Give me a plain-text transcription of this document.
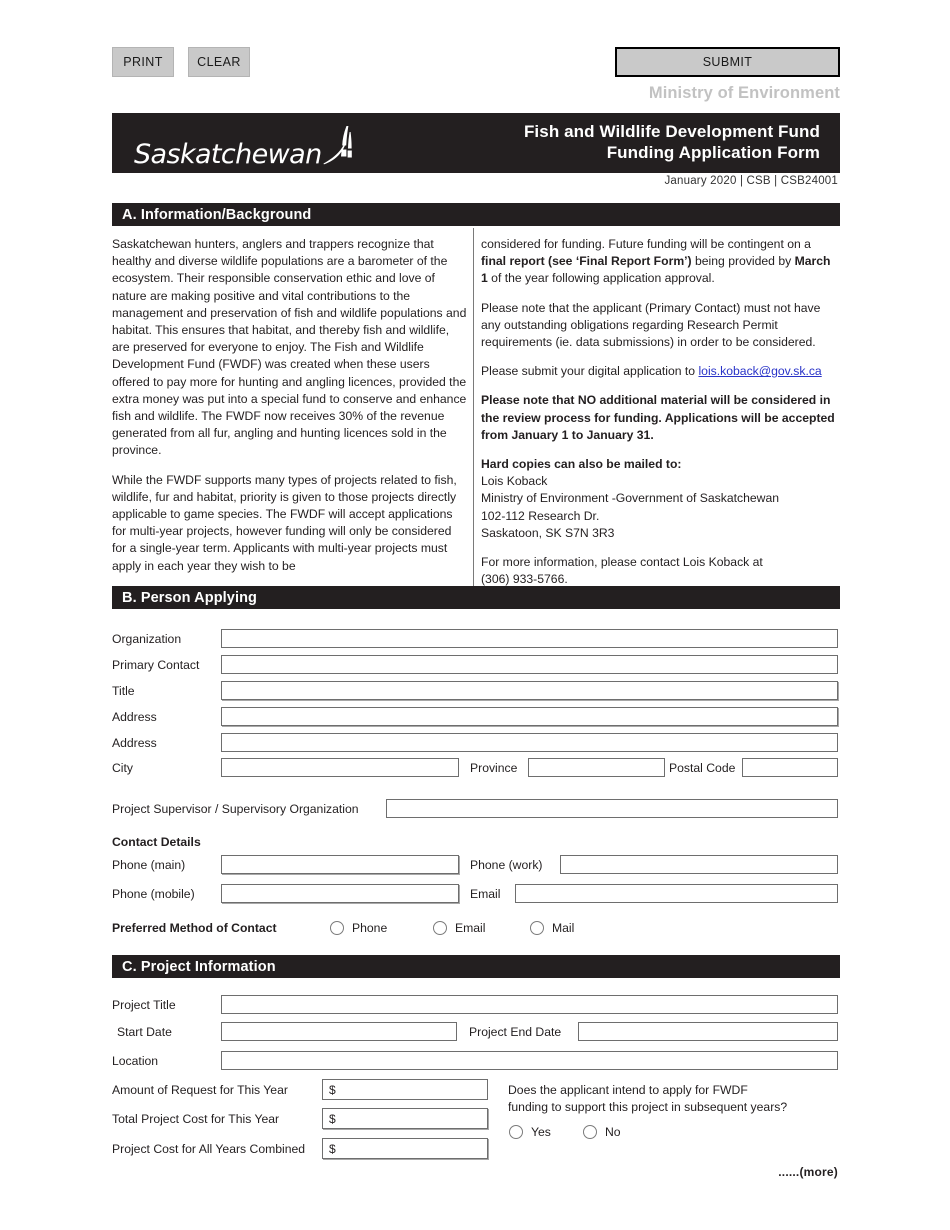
PRINT	CLEAR	SUBMIT
Ministry of Environment
Saskatchewan
Fish and Wildlife Development Fund
Funding Application Form
January 2020 | CSB | CSB24001
A. Information/Background

Saskatchewan hunters, anglers and trappers recognize that healthy and diverse wildlife populations are a barometer of the ecosystem. Their responsible conservation ethic and love of nature are making positive and vital contributions to the management and preservation of fish and wildlife populations and habitat. This ensures that habitat, and thereby fish and wildlife, are preserved for everyone to enjoy. The Fish and Wildlife Development Fund (FWDF) was created when these users offered to pay more for hunting and angling licences, provided the extra money was put into a special fund to conserve and enhance fish and wildlife. The FWDF now receives 30% of the revenue generated from all fur, angling and hunting licences sold in the province.

While the FWDF supports many types of projects related to fish, wildlife, fur and habitat, priority is given to those projects directly applicable to game species. The FWDF will accept applications for multi-year projects, however funding will only be considered for a single-year term. Applicants with multi-year projects must apply in each year they wish to be

considered for funding. Future funding will be contingent on a final report (see ‘Final Report Form’) being provided by March 1 of the year following application approval.

Please note that the applicant (Primary Contact) must not have any outstanding obligations regarding Research Permit requirements (ie. data submissions) in order to be considered.

Please submit your digital application to lois.koback@gov.sk.ca

Please note that NO additional material will be considered in the review process for funding. Applications will be accepted from January 1 to January 31.

Hard copies can also be mailed to:
Lois Koback
Ministry of Environment -Government of Saskatchewan
102-112 Research Dr.
Saskatoon, SK S7N 3R3

For more information, please contact Lois Koback at
(306) 933-5766.

B. Person Applying
Organization
Primary Contact
Title
Address
Address
City	Province	Postal Code
Project Supervisor / Supervisory Organization
Contact Details
Phone (main)	Phone (work)
Phone (mobile)	Email
Preferred Method of Contact	Phone	Email	Mail
C. Project Information
Project Title
Start Date	Project End Date
Location
Amount of Request for This Year
$
Total Project Cost for This Year
$
Project Cost for All Years Combined
$
Does the applicant intend to apply for FWDF
funding to support this project in subsequent years?
Yes	No
......(more)
